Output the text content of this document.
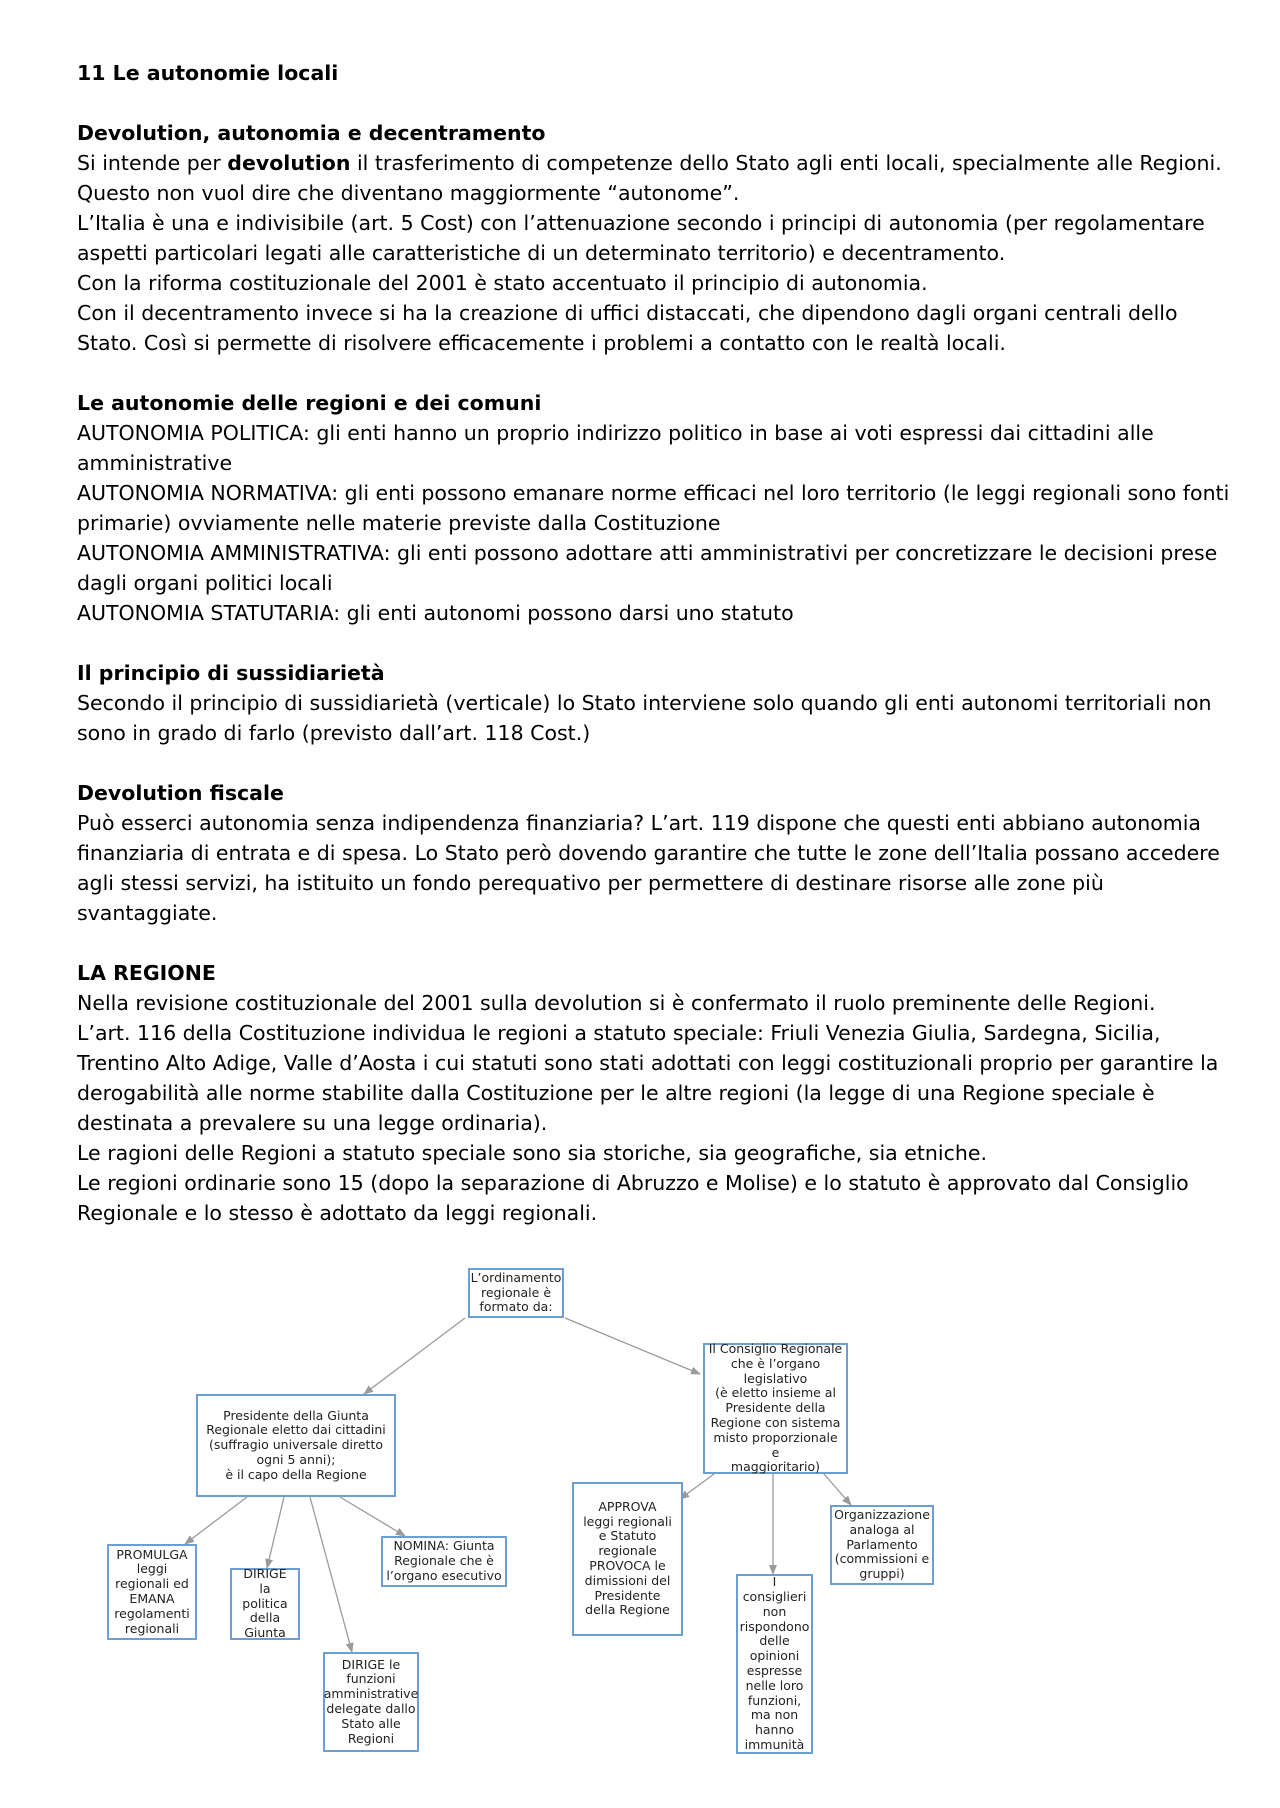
11 Le autonomie locali
Devolution, autonomia e decentramento

Si intende per devolution il trasferimento di competenze dello Stato agli enti locali, specialmente alle Regioni. Questo non vuol dire che diventano maggiormente “autonome”.

L’Italia è una e indivisibile (art. 5 Cost) con l’attenuazione secondo i principi di autonomia (per regolamentare aspetti particolari legati alle caratteristiche di un determinato territorio) e decentramento.

Con la riforma costituzionale del 2001 è stato accentuato il principio di autonomia.

Con il decentramento invece si ha la creazione di uffici distaccati, che dipendono dagli organi centrali dello Stato. Così si permette di risolvere efficacemente i problemi a contatto con le realtà locali.

Le autonomie delle regioni e dei comuni

AUTONOMIA POLITICA: gli enti hanno un proprio indirizzo politico in base ai voti espressi dai cittadini alle amministrative

AUTONOMIA NORMATIVA: gli enti possono emanare norme efficaci nel loro territorio (le leggi regionali sono fonti primarie) ovviamente nelle materie previste dalla Costituzione

AUTONOMIA AMMINISTRATIVA: gli enti possono adottare atti amministrativi per concretizzare le decisioni prese dagli organi politici locali

AUTONOMIA STATUTARIA: gli enti autonomi possono darsi uno statuto

Il principio di sussidiarietà

Secondo il principio di sussidiarietà (verticale) lo Stato interviene solo quando gli enti autonomi territoriali non sono in grado di farlo (previsto dall’art. 118 Cost.)

Devolution fiscale

Può esserci autonomia senza indipendenza finanziaria? L’art. 119 dispone che questi enti abbiano autonomia finanziaria di entrata e di spesa. Lo Stato però dovendo garantire che tutte le zone dell’Italia possano accedere agli stessi servizi, ha istituito un fondo perequativo per permettere di destinare risorse alle zone più svantaggiate.

LA REGIONE

Nella revisione costituzionale del 2001 sulla devolution si è confermato il ruolo preminente delle Regioni.

L’art. 116 della Costituzione individua le regioni a statuto speciale: Friuli Venezia Giulia, Sardegna, Sicilia, Trentino Alto Adige, Valle d’Aosta i cui statuti sono stati adottati con leggi costituzionali proprio per garantire la derogabilità alle norme stabilite dalla Costituzione per le altre regioni (la legge di una Regione speciale è destinata a prevalere su una legge ordinaria).

Le ragioni delle Regioni a statuto speciale sono sia storiche, sia geografiche, sia etniche.

Le regioni ordinarie sono 15 (dopo la separazione di Abruzzo e Molise) e lo statuto è approvato dal Consiglio Regionale e lo stesso è adottato da leggi regionali.

L’ordinamento
regionale è
formato da:
Presidente della Giunta
Regionale eletto dai cittadini
(suffragio universale diretto
ogni 5 anni);
è il capo della Regione
Il Consiglio Regionale
che è l’organo
legislativo
(è eletto insieme al
Presidente della
Regione con sistema
misto proporzionale e
maggioritario)
PROMULGA
leggi
regionali ed
EMANA
regolamenti
regionali
DIRIGE
la politica
della
Giunta
DIRIGE le
funzioni
amministrative
delegate dallo
Stato alle
Regioni
NOMINA: Giunta
Regionale che è
l’organo esecutivo
APPROVA
leggi regionali
e Statuto
regionale
PROVOCA le
dimissioni del
Presidente
della Regione
I consiglieri
non
rispondono
delle
opinioni
espresse
nelle loro
funzioni,
ma non
hanno
immunità
Organizzazione
analoga al
Parlamento
(commissioni e
gruppi)
